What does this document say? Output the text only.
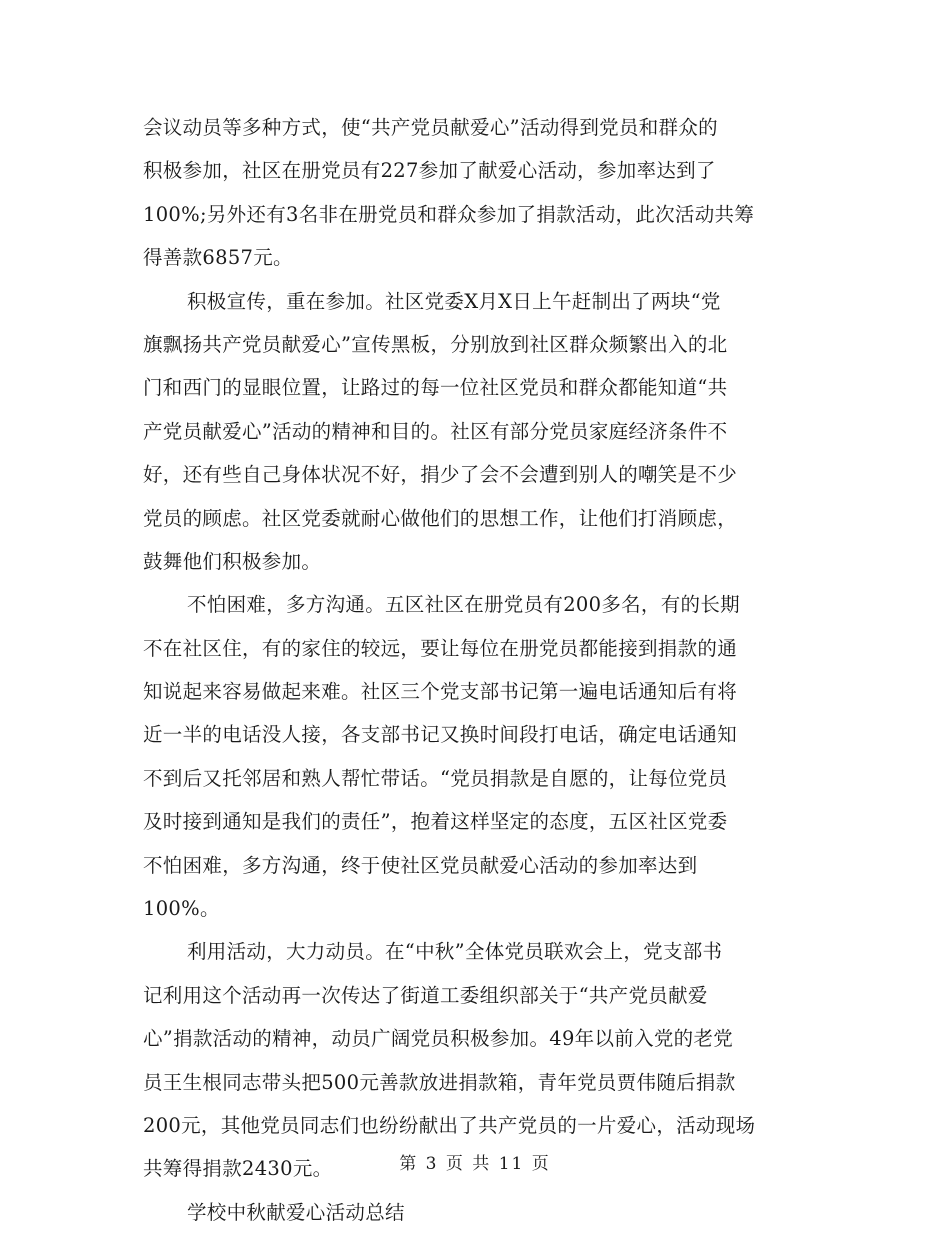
会议动员等多种方式，使“共产党员献爱心”活动得到党员和群众的
积极参加，社区在册党员有227参加了献爱心活动，参加率达到了
100%;另外还有3名非在册党员和群众参加了捐款活动，此次活动共筹
得善款6857元。
积极宣传，重在参加。社区党委X月X日上午赶制出了两块“党
旗飘扬共产党员献爱心”宣传黑板，分别放到社区群众频繁出入的北
门和西门的显眼位置，让路过的每一位社区党员和群众都能知道“共
产党员献爱心”活动的精神和目的。社区有部分党员家庭经济条件不
好，还有些自己身体状况不好，捐少了会不会遭到别人的嘲笑是不少
党员的顾虑。社区党委就耐心做他们的思想工作，让他们打消顾虑，
鼓舞他们积极参加。
不怕困难，多方沟通。五区社区在册党员有200多名，有的长期
不在社区住，有的家住的较远，要让每位在册党员都能接到捐款的通
知说起来容易做起来难。社区三个党支部书记第一遍电话通知后有将
近一半的电话没人接，各支部书记又换时间段打电话，确定电话通知
不到后又托邻居和熟人帮忙带话。“党员捐款是自愿的，让每位党员
及时接到通知是我们的责任”，抱着这样坚定的态度，五区社区党委
不怕困难，多方沟通，终于使社区党员献爱心活动的参加率达到
100%。
利用活动，大力动员。在“中秋”全体党员联欢会上，党支部书
记利用这个活动再一次传达了街道工委组织部关于“共产党员献爱
心”捐款活动的精神，动员广阔党员积极参加。49年以前入党的老党
员王生根同志带头把500元善款放进捐款箱，青年党员贾伟随后捐款
200元，其他党员同志们也纷纷献出了共产党员的一片爱心，活动现场
共筹得捐款2430元。
学校中秋献爱心活动总结
第 3 页 共 11 页
